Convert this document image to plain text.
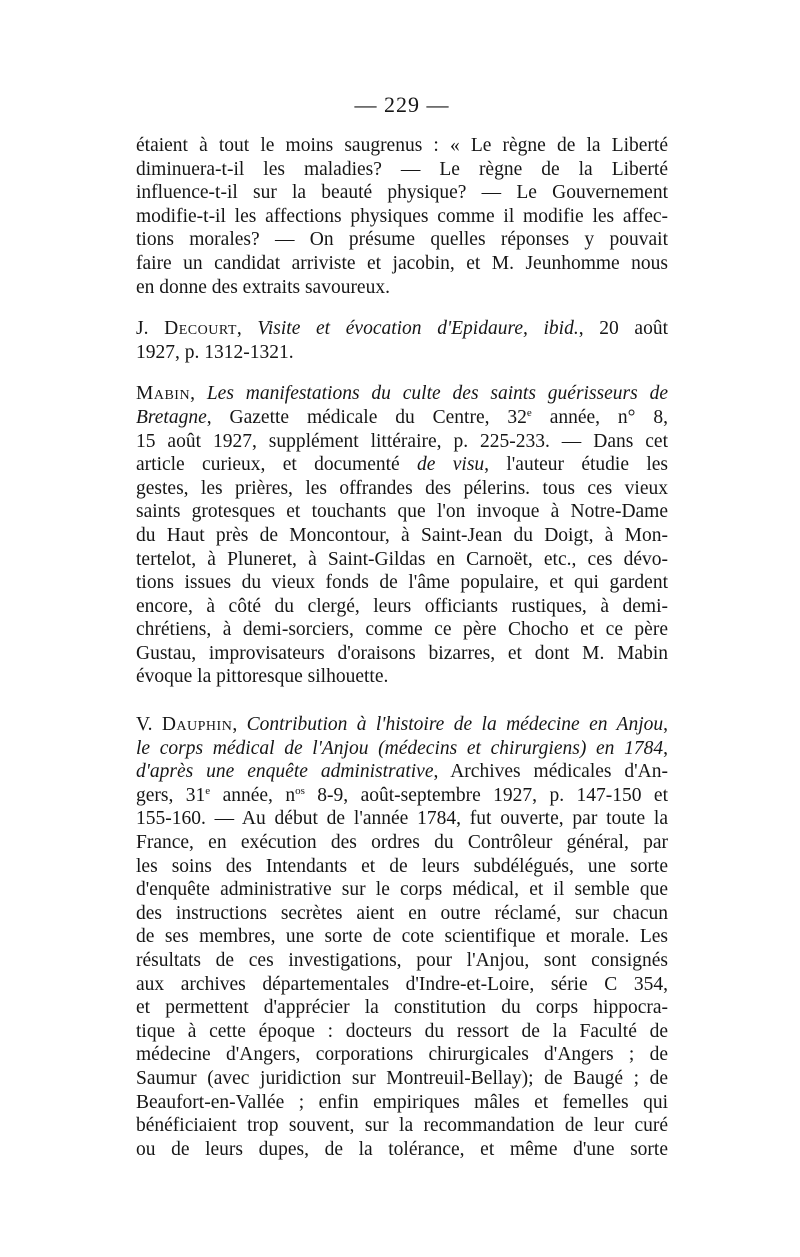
— 229 —
étaient à tout le moins saugrenus : « Le règne de la Liberté
diminuera-t-il les maladies? — Le règne de la Liberté
influence-t-il sur la beauté physique? — Le Gouvernement
modifie-t-il les affections physiques comme il modifie les affec-
tions morales? — On présume quelles réponses y pouvait
faire un candidat arriviste et jacobin, et M. Jeunhomme nous
en donne des extraits savoureux.
J. Decourt, Visite et évocation d'Epidaure, ibid., 20 août
1927, p. 1312-1321.
Mabin, Les manifestations du culte des saints guérisseurs de
Bretagne, Gazette médicale du Centre, 32e année, n° 8,
15 août 1927, supplément littéraire, p. 225-233. — Dans cet
article curieux, et documenté de visu, l'auteur étudie les
gestes, les prières, les offrandes des pélerins. tous ces vieux
saints grotesques et touchants que l'on invoque à Notre-Dame
du Haut près de Moncontour, à Saint-Jean du Doigt, à Mon-
tertelot, à Pluneret, à Saint-Gildas en Carnoët, etc., ces dévo-
tions issues du vieux fonds de l'âme populaire, et qui gardent
encore, à côté du clergé, leurs officiants rustiques, à demi-
chrétiens, à demi-sorciers, comme ce père Chocho et ce père
Gustau, improvisateurs d'oraisons bizarres, et dont M. Mabin
évoque la pittoresque silhouette.
V. Dauphin, Contribution à l'histoire de la médecine en Anjou,
le corps médical de l'Anjou (médecins et chirurgiens) en 1784,
d'après une enquête administrative, Archives médicales d'An-
gers, 31e année, $n^{os}$ 8-9, août-septembre 1927, p. 147-150 et
155-160. — Au début de l'année 1784, fut ouverte, par toute la
France, en exécution des ordres du Contrôleur général, par
les soins des Intendants et de leurs subdélégués, une sorte
d'enquête administrative sur le corps médical, et il semble que
des instructions secrètes aient en outre réclamé, sur chacun
de ses membres, une sorte de cote scientifique et morale. Les
résultats de ces investigations, pour l'Anjou, sont consignés
aux archives départementales d'Indre-et-Loire, série C 354,
et permettent d'apprécier la constitution du corps hippocra-
tique à cette époque : docteurs du ressort de la Faculté de
médecine d'Angers, corporations chirurgicales d'Angers ; de
Saumur (avec juridiction sur Montreuil-Bellay); de Baugé ; de
Beaufort-en-Vallée ; enfin empiriques mâles et femelles qui
bénéficiaient trop souvent, sur la recommandation de leur curé
ou de leurs dupes, de la tolérance, et même d'une sorte
